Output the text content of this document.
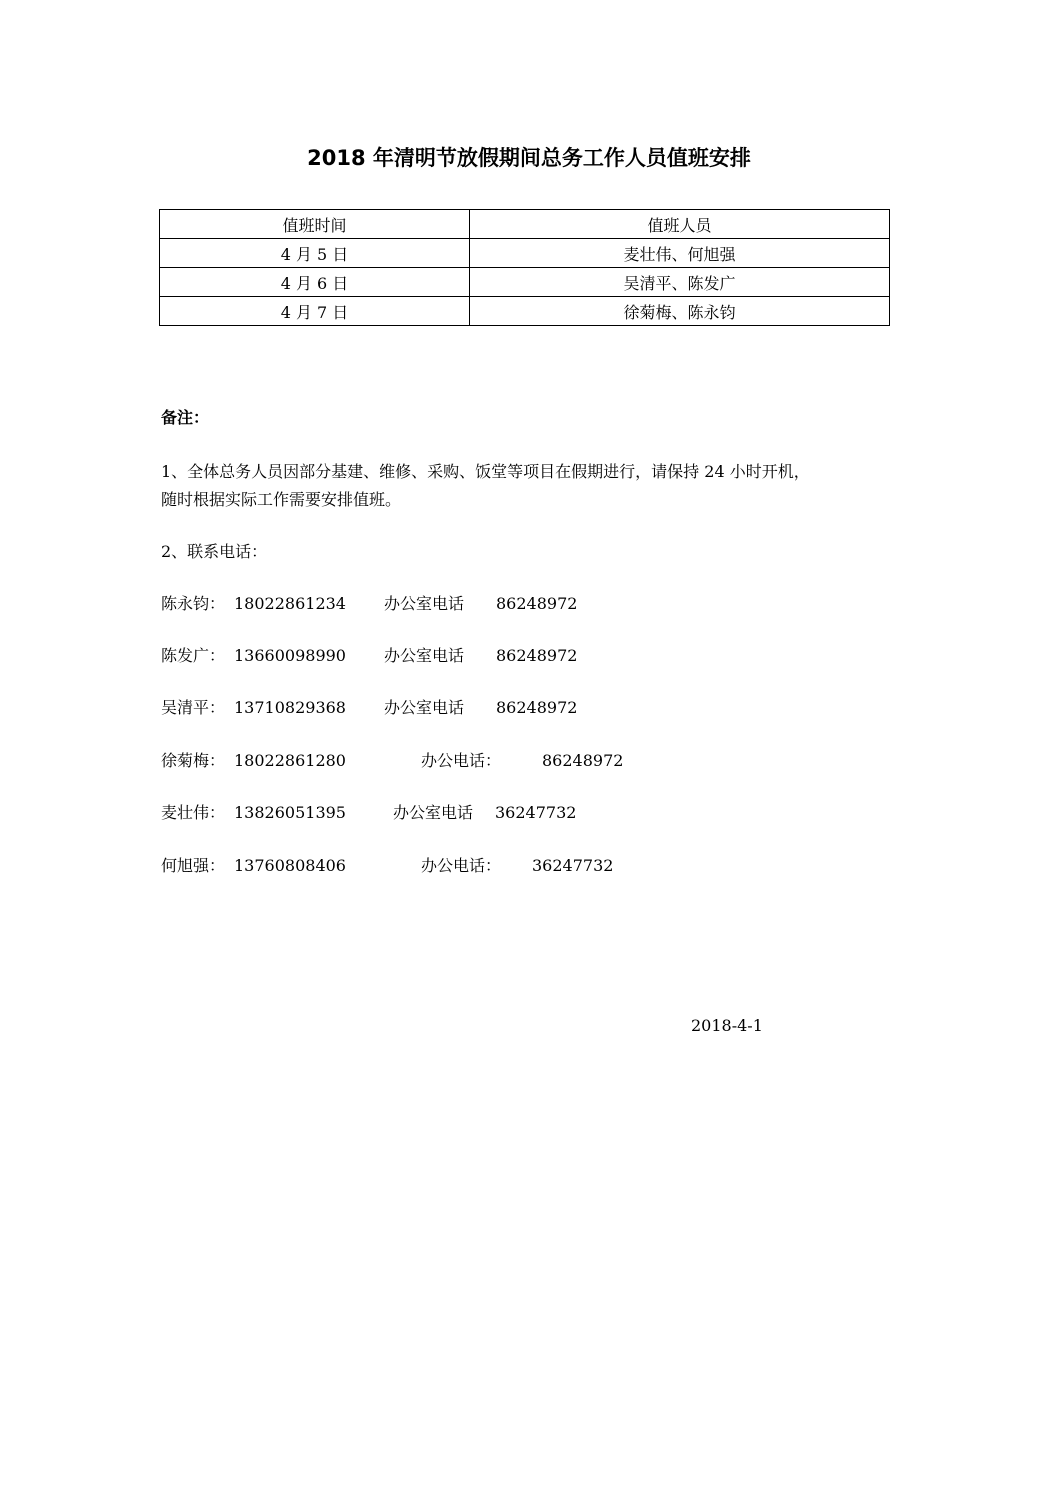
2018 年清明节放假期间总务工作人员值班安排
值班时间	值班人员
4 月 5 日	麦壮伟、何旭强
4 月 6 日	吴清平、陈发广
4 月 7 日	徐菊梅、陈永钧
备注：
1、全体总务人员因部分基建、维修、采购、饭堂等项目在假期进行，请保持 24 小时开机，
随时根据实际工作需要安排值班。
2、联系电话：
陈永钧： 18022861234 办公室电话 86248972
陈发广： 13660098990 办公室电话 86248972
吴清平： 13710829368 办公室电话 86248972
徐菊梅： 18022861280	办公电话：	86248972
麦壮伟： 13826051395	办公室电话 36247732
何旭强： 13760808406	办公电话： 36247732
2018-4-1
